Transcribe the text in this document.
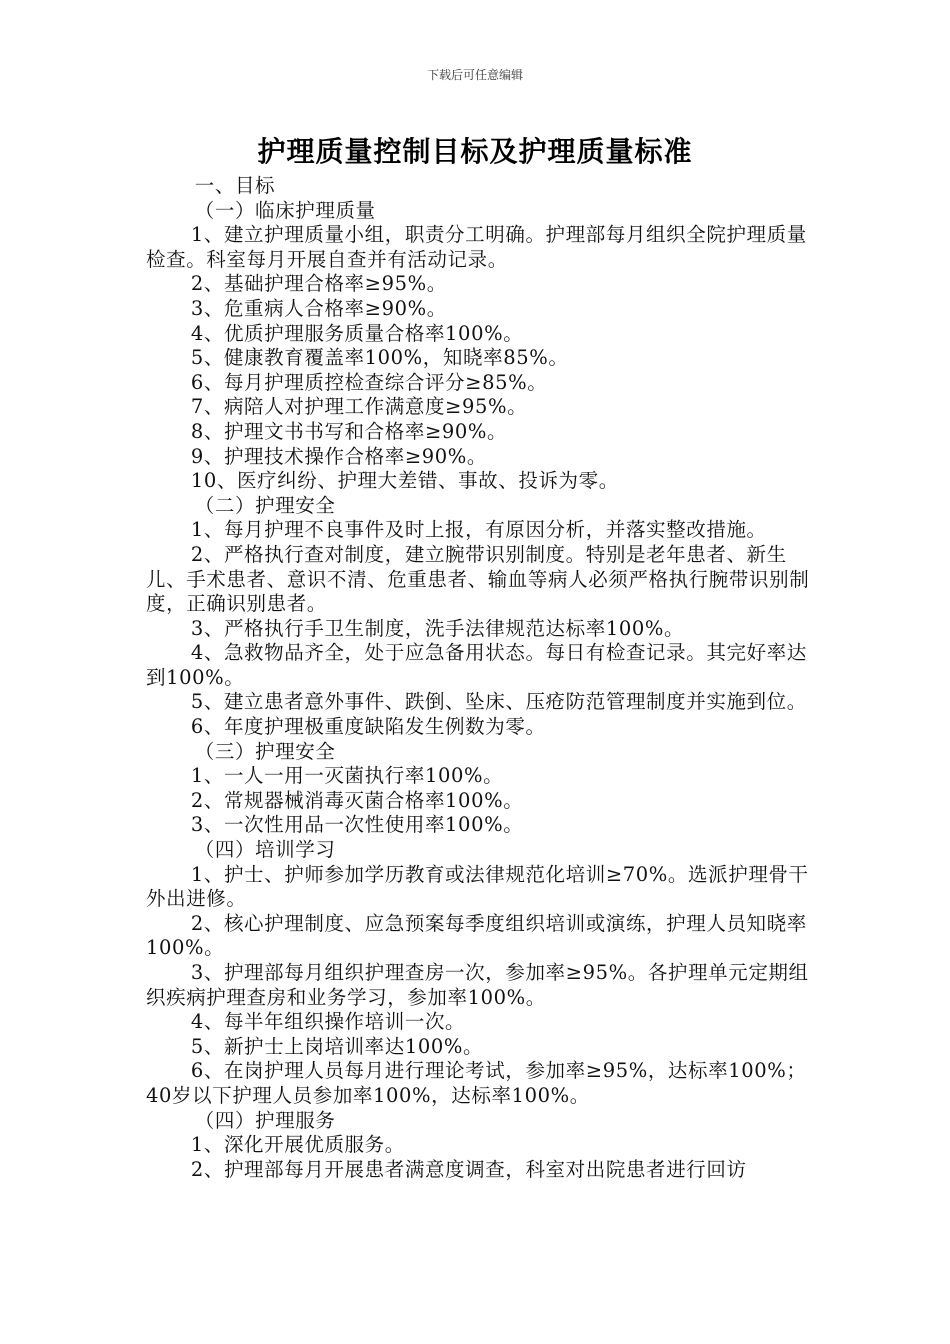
下载后可任意编辑
护理质量控制目标及护理质量标准

一、目标

（一）临床护理质量

1、建立护理质量小组，职责分工明确。护理部每月组织全院护理质量检查。科室每月开展自查并有活动记录。

2、基础护理合格率≥95%。

3、危重病人合格率≥90%。

4、优质护理服务质量合格率100%。

5、健康教育覆盖率100%，知晓率85%。

6、每月护理质控检查综合评分≥85%。

7、病陪人对护理工作满意度≥95%。

8、护理文书书写和合格率≥90%。

9、护理技术操作合格率≥90%。

10、医疗纠纷、护理大差错、事故、投诉为零。

（二）护理安全

1、每月护理不良事件及时上报，有原因分析，并落实整改措施。

2、严格执行查对制度，建立腕带识别制度。特别是老年患者、新生儿、手术患者、意识不清、危重患者、输血等病人必须严格执行腕带识别制度，正确识别患者。

3、严格执行手卫生制度，洗手法律规范达标率100%。

4、急救物品齐全，处于应急备用状态。每日有检查记录。其完好率达到100%。

5、建立患者意外事件、跌倒、坠床、压疮防范管理制度并实施到位。

6、年度护理极重度缺陷发生例数为零。

（三）护理安全

1、一人一用一灭菌执行率100%。

2、常规器械消毒灭菌合格率100%。

3、一次性用品一次性使用率100%。

（四）培训学习

1、护士、护师参加学历教育或法律规范化培训≥70%。选派护理骨干外出进修。

2、核心护理制度、应急预案每季度组织培训或演练，护理人员知晓率100%。

3、护理部每月组织护理查房一次，参加率≥95%。各护理单元定期组织疾病护理查房和业务学习，参加率100%。

4、每半年组织操作培训一次。

5、新护士上岗培训率达100%。

6、在岗护理人员每月进行理论考试，参加率≥95%，达标率100%；40岁以下护理人员参加率100%，达标率100%。

（四）护理服务

1、深化开展优质服务。

2、护理部每月开展患者满意度调查，科室对出院患者进行回访
